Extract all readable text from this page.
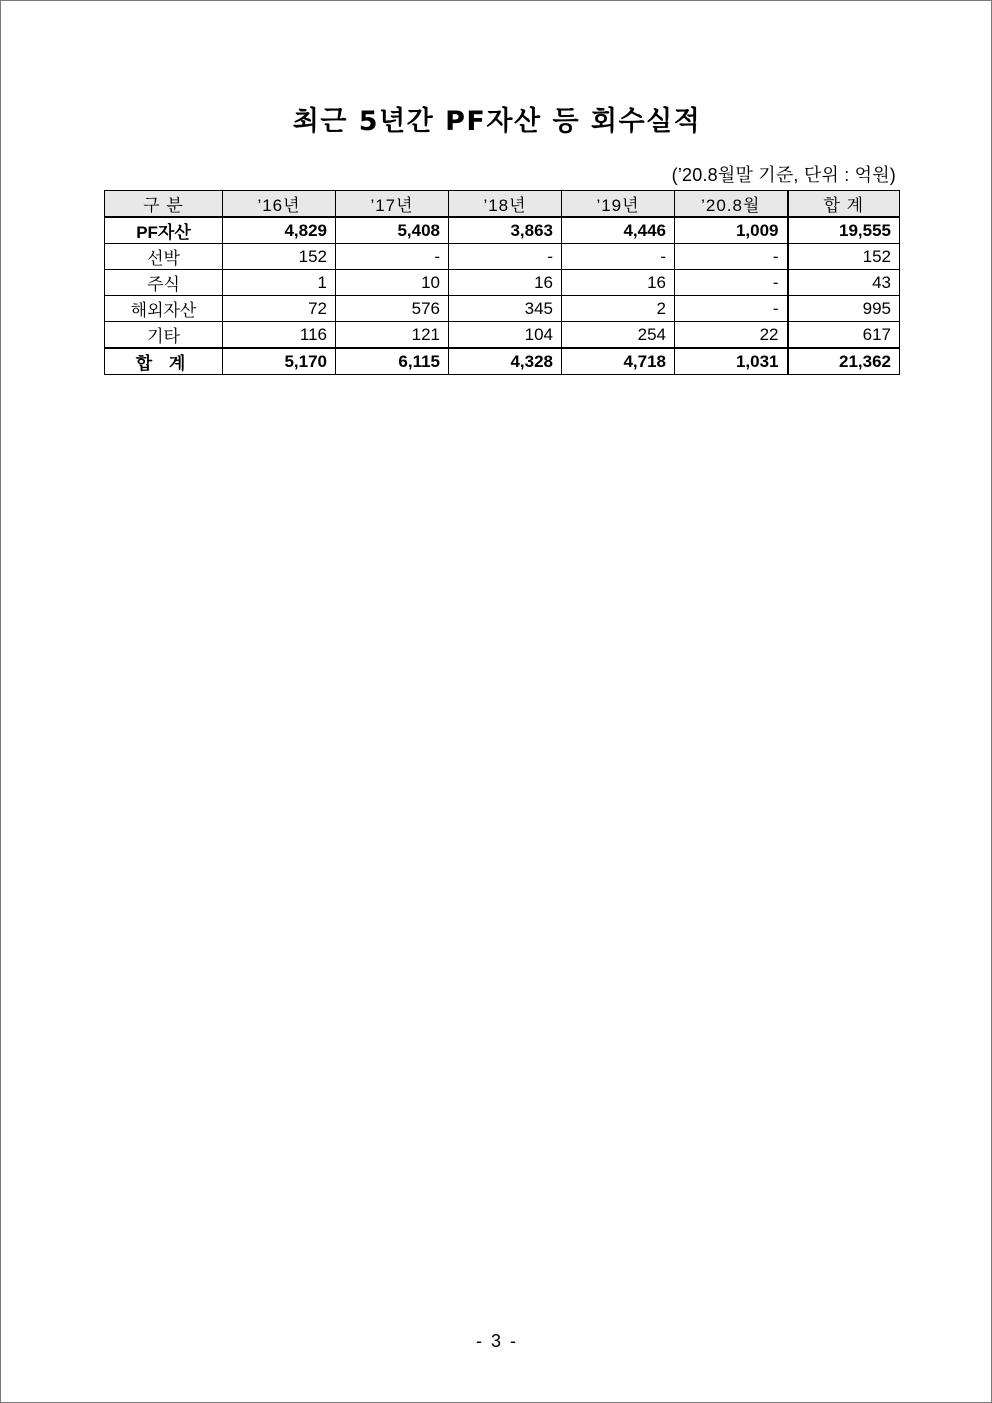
최근 5년간 PF자산 등 회수실적
(’20.8월말 기준, 단위 : 억원)
구 분	’16년	’17년	’18년	’19년	’20.8월	합 계
PF자산	4,829	5,408	3,863	4,446	1,009	19,555
선박	152	-	-	-	-	152
주식	1	10	16	16	-	43
해외자산	72	576	345	2	-	995
기타	116	121	104	254	22	617
합 계	5,170	6,115	4,328	4,718	1,031	21,362
- 3 -
